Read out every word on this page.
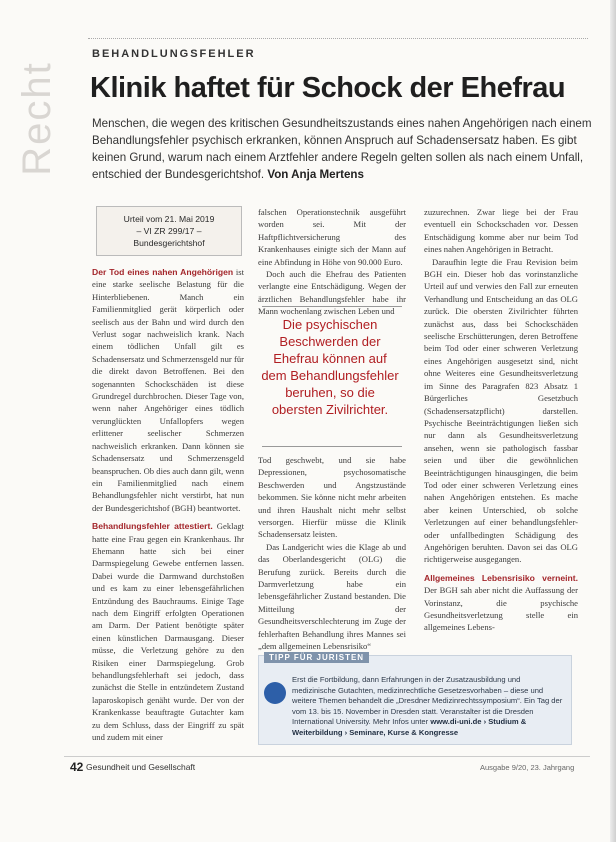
Recht
BEHANDLUNGSFEHLER
Klinik haftet für Schock der Ehefrau
Menschen, die wegen des kritischen Gesundheitszustands eines nahen Angehörigen nach einem Behandlungsfehler psychisch erkranken, können Anspruch auf Schadensersatz haben. Es gibt keinen Grund, warum nach einem Arztfehler andere Regeln gelten sollen als nach einem Unfall, entschied der Bundesgerichtshof. Von Anja Mertens
Urteil vom 21. Mai 2019
– VI ZR 299/17 –
Bundesgerichtshof

Der Tod eines nahen Angehörigen ist eine starke seelische Belastung für die Hinterbliebenen. Manch ein Familienmitglied gerät körperlich oder seelisch aus der Bahn und wird durch den Verlust sogar nachweislich krank. Nach einem tödlichen Unfall gilt es Schadensersatz und Schmerzensgeld nur für die direkt davon Betroffenen. Bei den sogenannten Schockschäden ist diese Grundregel durchbrochen. Dieser Tage von, wenn naher Angehöriger eines tödlich verunglückten Unfallopfers wegen erlittener seelischer Schmerzen nachweislich erkranken. Dann können sie Schadensersatz und Schmerzensgeld beanspruchen. Ob dies auch dann gilt, wenn ein Familienmitglied nach einem Behandlungsfehler nicht verstirbt, hat nun der Bundesgerichtshof (BGH) beantwortet.

Behandlungsfehler attestiert. Geklagt hatte eine Frau gegen ein Krankenhaus. Ihr Ehemann hatte sich bei einer Darmspiegelung Gewebe entfernen lassen. Dabei wurde die Darmwand durchstoßen und es kam zu einer lebensgefährlichen Entzündung des Bauchraums. Einige Tage nach dem Eingriff erfolgten Operationen am Darm. Der Patient benötigte später einen künstlichen Darmausgang. Dieser müsse, die Verletzung gehöre zu den Risiken einer Darmspiegelung. Grob behandlungsfehlerhaft sei jedoch, dass zunächst die Stelle in entzündetem Zustand laparoskopisch genäht wurde. Der von der Krankenkasse beauftragte Gutachter kam zu dem Schluss, dass der Eingriff zu spät und zudem mit einer

falschen Operationstechnik ausgeführt worden sei. Mit der Haftpflichtversicherung des Krankenhauses einigte sich der Mann auf eine Abfindung in Höhe von 90.000 Euro.

Doch auch die Ehefrau des Patienten verlangte eine Entschädigung. Wegen der ärztlichen Behandlungsfehler habe ihr Mann wochenlang zwischen Leben und

Die psychischen Beschwerden der Ehefrau können auf dem Behandlungsfehler beruhen, so die obersten Zivilrichter.

Tod geschwebt, und sie habe Depressionen, psychosomatische Beschwerden und Angstzustände bekommen. Sie könne nicht mehr arbeiten und ihren Haushalt nicht mehr selbst versorgen. Hierfür müsse die Klinik Schadensersatz leisten.

Das Landgericht wies die Klage ab und das Oberlandesgericht (OLG) die Berufung zurück. Bereits durch die Darmverletzung habe ein lebensgefährlicher Zustand bestanden. Die Mitteilung der Gesundheitsverschlechterung im Zuge der fehlerhaften Behandlung ihres Mannes sei „dem allgemeinen Lebensrisiko“

zuzurechnen. Zwar liege bei der Frau eventuell ein Schockschaden vor. Dessen Entschädigung komme aber nur beim Tod eines nahen Angehörigen in Betracht.

Daraufhin legte die Frau Revision beim BGH ein. Dieser hob das vorinstanzliche Urteil auf und verwies den Fall zur erneuten Verhandlung und Entscheidung an das OLG zurück. Die obersten Zivilrichter führten zunächst aus, dass bei Schockschäden seelische Erschütterungen, deren Betroffene beim Tod oder einer schweren Verletzung eines Angehörigen ausgesetzt sind, nicht ohne Weiteres eine Gesundheitsverletzung im Sinne des Paragrafen 823 Absatz 1 Bürgerliches Gesetzbuch (Schadensersatzpflicht) darstellen. Psychische Beeinträchtigungen ließen sich nur dann als Gesundheitsverletzung ansehen, wenn sie pathologisch fassbar seien und über die gewöhnlichen Beeinträchtigungen hinausgingen, die beim Tod oder einer schweren Verletzung eines nahen Angehörigen entstehen. Es mache aber keinen Unterschied, ob solche Verletzungen auf einer behandlungsfehler- oder unfallbedingten Schädigung des Angehörigen beruhten. Davon sei das OLG richtigerweise ausgegangen.

Allgemeines Lebensrisiko verneint. Der BGH sah aber nicht die Auffassung der Vorinstanz, die psychische Gesundheitsverletzung stelle ein allgemeines Lebens-

TIPP FÜR JURISTEN
Erst die Fortbildung, dann Erfahrungen in der Zusatzausbildung und medizinische Gutachten, medizinrechtliche Gesetzesvorhaben – diese und weitere Themen behandelt die „Dresdner Medizinrechtssymposium“. Ein Tag der vom 13. bis 15. November in Dresden statt. Veranstalter ist die Dresden International University. Mehr Infos unter www.di-uni.de › Studium & Weiterbildung › Seminare, Kurse & Kongresse
42 Gesundheit und Gesellschaft	Ausgabe 9/20, 23. Jahrgang
